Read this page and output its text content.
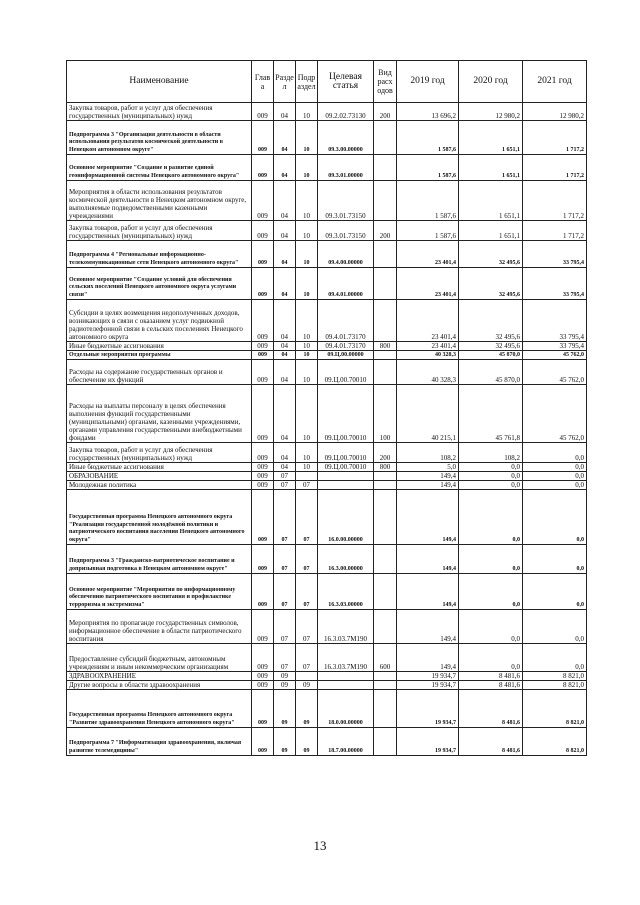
Наименование	Глав а	Разде л	Подр аздел	Целевая статья	Вид расх одов	2019 год	2020 год	2021 год
Закупка товаров, работ и услуг для обеспечения государственных (муниципальных) нужд	009	04	10	09.2.02.73130	200	13 696,2	12 980,2	12 980,2
Подпрограмма 3 "Организация деятельности в области использования результатов космической деятельности в Ненецком автономном округе"	009	04	10	09.3.00.00000		1 587,6	1 651,1	1 717,2
Основное мероприятие "Создание и развитие единой геоинформационной системы Ненецкого автономного округа"	009	04	10	09.3.01.00000		1 587,6	1 651,1	1 717,2
Мероприятия в области использования результатов космической деятельности в Ненецком автономном округе, выполняемые подведомственными казенными учреждениями	009	04	10	09.3.01.73150		1 587,6	1 651,1	1 717,2
Закупка товаров, работ и услуг для обеспечения государственных (муниципальных) нужд	009	04	10	09.3.01.73150	200	1 587,6	1 651,1	1 717,2
Подпрограмма 4 "Региональные информационно-телекоммуникационные сети Ненецкого автономного округа"	009	04	10	09.4.00.00000		23 401,4	32 495,6	33 795,4
Основное мероприятие "Создание условий для обеспечения сельских поселений Ненецкого автономного округа услугами связи"	009	04	10	09.4.01.00000		23 401,4	32 495,6	33 795,4
Субсидии в целях возмещения недополученных доходов, возникающих в связи с оказанием услуг подвижной радиотелефонной связи в сельских поселениях Ненецкого автономного округа	009	04	10	09.4.01.73170		23 401,4	32 495,6	33 795,4
Иные бюджетные ассигнования	009	04	10	09.4.01.73170	800	23 401,4	32 495,6	33 795,4
Отдельные мероприятия программы	009	04	10	09.Ц.00.00000		40 328,3	45 870,0	45 762,0
Расходы на содержание государственных органов и обеспечение их функций	009	04	10	09.Ц.00.70010		40 328,3	45 870,0	45 762,0
Расходы на выплаты персоналу в целях обеспечения выполнения функций государственными (муниципальными) органами, казенными учреждениями, органами управления государственными внебюджетными фондами	009	04	10	09.Ц.00.70010	100	40 215,1	45 761,8	45 762,0
Закупка товаров, работ и услуг для обеспечения государственных (муниципальных) нужд	009	04	10	09.Ц.00.70010	200	108,2	108,2	0,0
Иные бюджетные ассигнования	009	04	10	09.Ц.00.70010	800	5,0	0,0	0,0
ОБРАЗОВАНИЕ	009	07				149,4	0,0	0,0
Молодежная политика	009	07	07			149,4	0,0	0,0
Государственная программа Ненецкого автономного округа "Реализация государственной молодёжной политики и патриотического воспитания населения Ненецкого автономного округа"	009	07	07	16.0.00.00000		149,4	0,0	0,0
Подпрограмма 3 "Гражданско-патриотическое воспитание и допризывная подготовка в Ненецком автономном округе"	009	07	07	16.3.00.00000		149,4	0,0	0,0
Основное мероприятие "Мероприятия по информационному обеспечению патриотического воспитания и профилактике терроризма и экстремизма"	009	07	07	16.3.03.00000		149,4	0,0	0,0
Мероприятия по пропаганде государственных символов, информационное обеспечение в области патриотического воспитания	009	07	07	16.3.03.7М190		149,4	0,0	0,0
Предоставление субсидий бюджетным, автономным учреждениям и иным некоммерческим организациям	009	07	07	16.3.03.7М190	600	149,4	0,0	0,0
ЗДРАВООХРАНЕНИЕ	009	09				19 934,7	8 481,6	8 821,0
Другие вопросы в области здравоохранения	009	09	09			19 934,7	8 481,6	8 821,0
Государственная программа Ненецкого автономного округа "Развитие здравоохранения Ненецкого автономного округа"	009	09	09	18.0.00.00000		19 934,7	8 481,6	8 821,0
Подпрограмма 7 "Информатизация здравоохранения, включая развитие телемедицины"	009	09	09	18.7.00.00000		19 934,7	8 481,6	8 821,0
13
